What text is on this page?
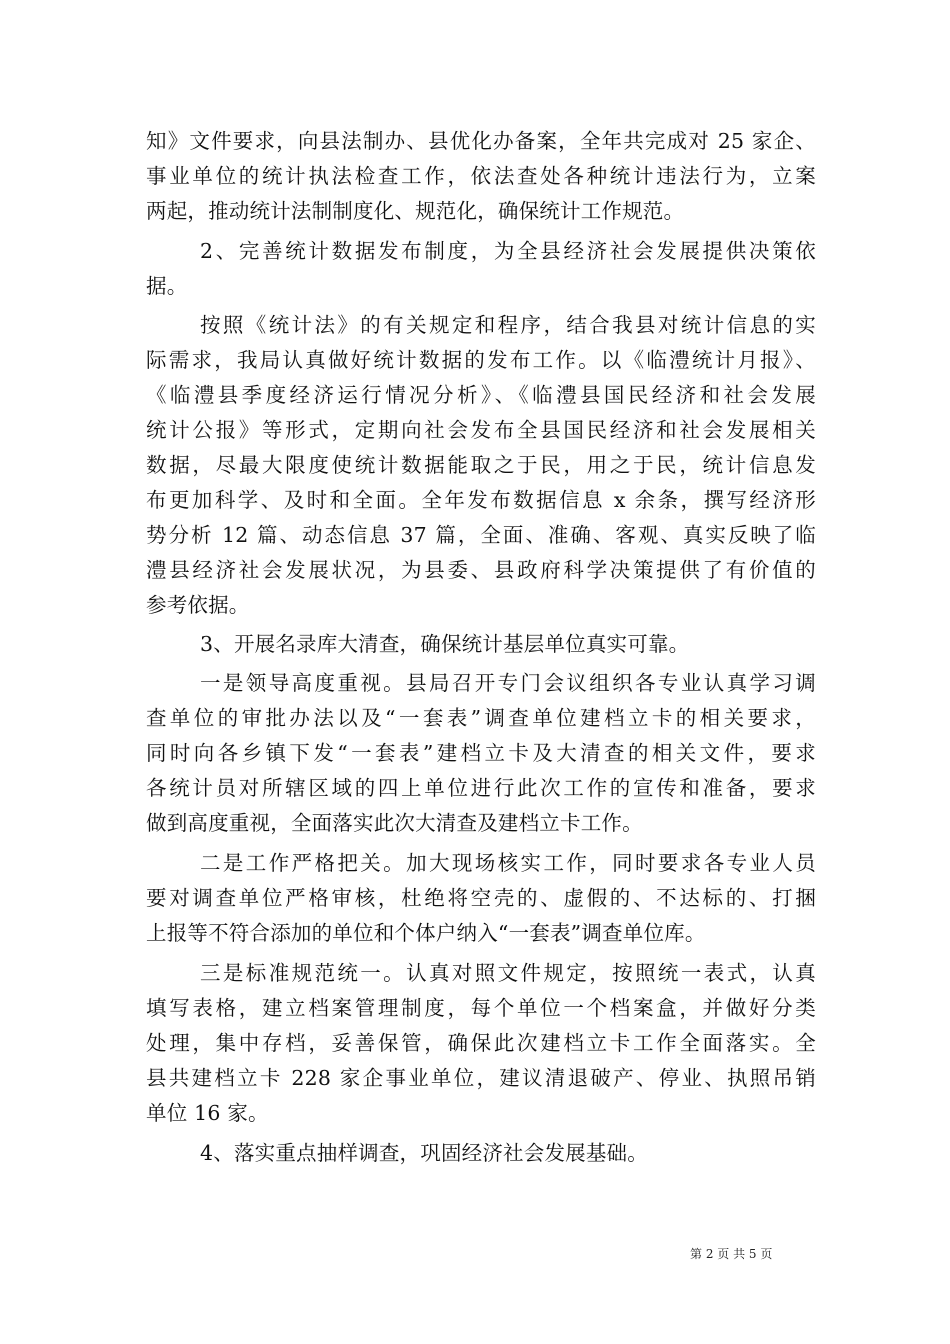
知》文件要求，向县法制办、县优化办备案，全年共完成对 25 家企、
事业单位的统计执法检查工作，依法查处各种统计违法行为，立案
两起，推动统计法制制度化、规范化，确保统计工作规范。
2、完善统计数据发布制度，为全县经济社会发展提供决策依
据。
按照《统计法》的有关规定和程序，结合我县对统计信息的实
际需求，我局认真做好统计数据的发布工作。以《临澧统计月报》、
《临澧县季度经济运行情况分析》、《临澧县国民经济和社会发展
统计公报》等形式，定期向社会发布全县国民经济和社会发展相关
数据，尽最大限度使统计数据能取之于民，用之于民，统计信息发
布更加科学、及时和全面。全年发布数据信息 x 余条，撰写经济形
势分析 12 篇、动态信息 37 篇，全面、准确、客观、真实反映了临
澧县经济社会发展状况，为县委、县政府科学决策提供了有价值的
参考依据。
3、开展名录库大清查，确保统计基层单位真实可靠。
一是领导高度重视。县局召开专门会议组织各专业认真学习调
查单位的审批办法以及“一套表”调查单位建档立卡的相关要求，
同时向各乡镇下发“一套表”建档立卡及大清查的相关文件，要求
各统计员对所辖区域的四上单位进行此次工作的宣传和准备，要求
做到高度重视，全面落实此次大清查及建档立卡工作。
二是工作严格把关。加大现场核实工作，同时要求各专业人员
要对调查单位严格审核，杜绝将空壳的、虚假的、不达标的、打捆
上报等不符合添加的单位和个体户纳入“一套表”调查单位库。
三是标准规范统一。认真对照文件规定，按照统一表式，认真
填写表格，建立档案管理制度，每个单位一个档案盒，并做好分类
处理，集中存档，妥善保管，确保此次建档立卡工作全面落实。全
县共建档立卡 228 家企事业单位，建议清退破产、停业、执照吊销
单位 16 家。
4、落实重点抽样调查，巩固经济社会发展基础。
第 2 页 共 5 页
